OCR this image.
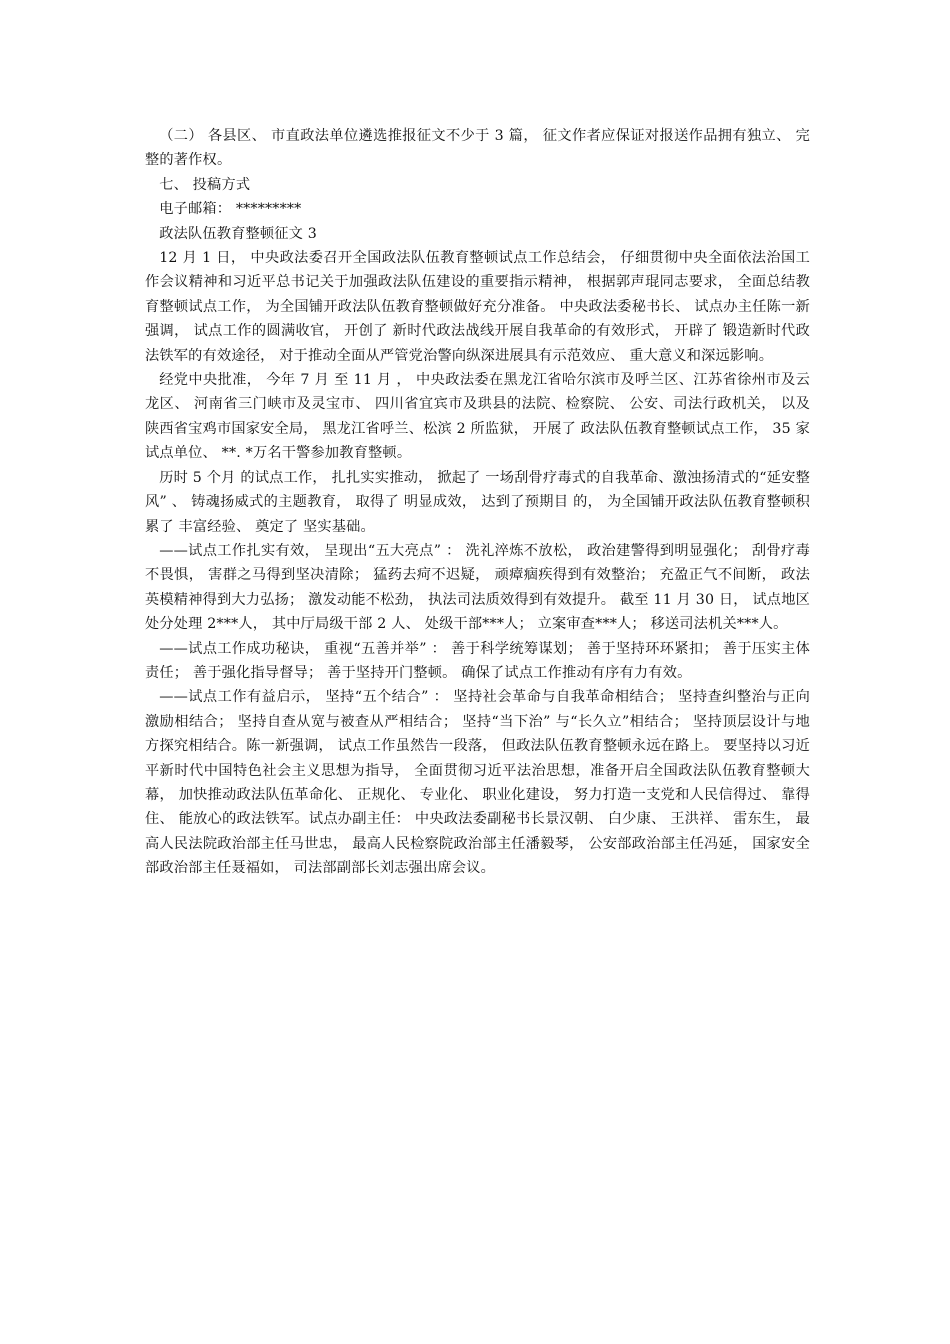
（二） 各县区、 市直政法单位遴选推报征文不少于 3 篇， 征文作者应保证对报送作品拥有独立、 完整的著作权。

七、 投稿方式

电子邮箱： *********

政法队伍教育整顿征文 3

12 月 1 日， 中央政法委召开全国政法队伍教育整顿试点工作总结会， 仔细贯彻中央全面依法治国工作会议精神和习近平总书记关于加强政法队伍建设的重要指示精神， 根据郭声琨同志要求， 全面总结教育整顿试点工作， 为全国铺开政法队伍教育整顿做好充分准备。 中央政法委秘书长、 试点办主任陈一新强调， 试点工作的圆满收官， 开创了 新时代政法战线开展自我革命的有效形式， 开辟了 锻造新时代政法铁军的有效途径， 对于推动全面从严管党治警向纵深进展具有示范效应、 重大意义和深远影响。

经党中央批准， 今年 7 月 至 11 月 ， 中央政法委在黑龙江省哈尔滨市及呼兰区、江苏省徐州市及云龙区、 河南省三门峡市及灵宝市、 四川省宜宾市及珙县的法院、检察院、 公安、司法行政机关， 以及陕西省宝鸡市国家安全局， 黑龙江省呼兰、松滨 2 所监狱， 开展了 政法队伍教育整顿试点工作， 35 家试点单位、 **. *万名干警参加教育整顿。

历时 5 个月 的试点工作， 扎扎实实推动， 掀起了 一场刮骨疗毒式的自我革命、激浊扬清式的“延安整风” 、 铸魂扬威式的主题教育， 取得了 明显成效， 达到了预期目 的， 为全国铺开政法队伍教育整顿积累了 丰富经验、 奠定了 坚实基础。

——试点工作扎实有效， 呈现出“五大亮点” ： 洗礼淬炼不放松， 政治建警得到明显强化； 刮骨疗毒不畏惧， 害群之马得到坚决清除； 猛药去疴不迟疑， 顽瘴痼疾得到有效整治； 充盈正气不间断， 政法英模精神得到大力弘扬； 激发动能不松劲， 执法司法质效得到有效提升。 截至 11 月 30 日， 试点地区处分处理 2***人， 其中厅局级干部 2 人、 处级干部***人； 立案审查***人； 移送司法机关***人。

——试点工作成功秘诀， 重视“五善并举” ： 善于科学统筹谋划； 善于坚持环环紧扣； 善于压实主体责任； 善于强化指导督导； 善于坚持开门整顿。 确保了试点工作推动有序有力有效。

——试点工作有益启示， 坚持“五个结合” ： 坚持社会革命与自我革命相结合； 坚持查纠整治与正向激励相结合； 坚持自查从宽与被查从严相结合； 坚持“当下治” 与“长久立”相结合； 坚持顶层设计与地方探究相结合。陈一新强调， 试点工作虽然告一段落， 但政法队伍教育整顿永远在路上。 要坚持以习近平新时代中国特色社会主义思想为指导， 全面贯彻习近平法治思想，准备开启全国政法队伍教育整顿大幕， 加快推动政法队伍革命化、 正规化、 专业化、 职业化建设， 努力打造一支党和人民信得过、 靠得住、 能放心的政法铁军。试点办副主任： 中央政法委副秘书长景汉朝、 白少康、 王洪祥、 雷东生， 最高人民法院政治部主任马世忠， 最高人民检察院政治部主任潘毅琴， 公安部政治部主任冯延， 国家安全部政治部主任聂福如， 司法部副部长刘志强出席会议。
